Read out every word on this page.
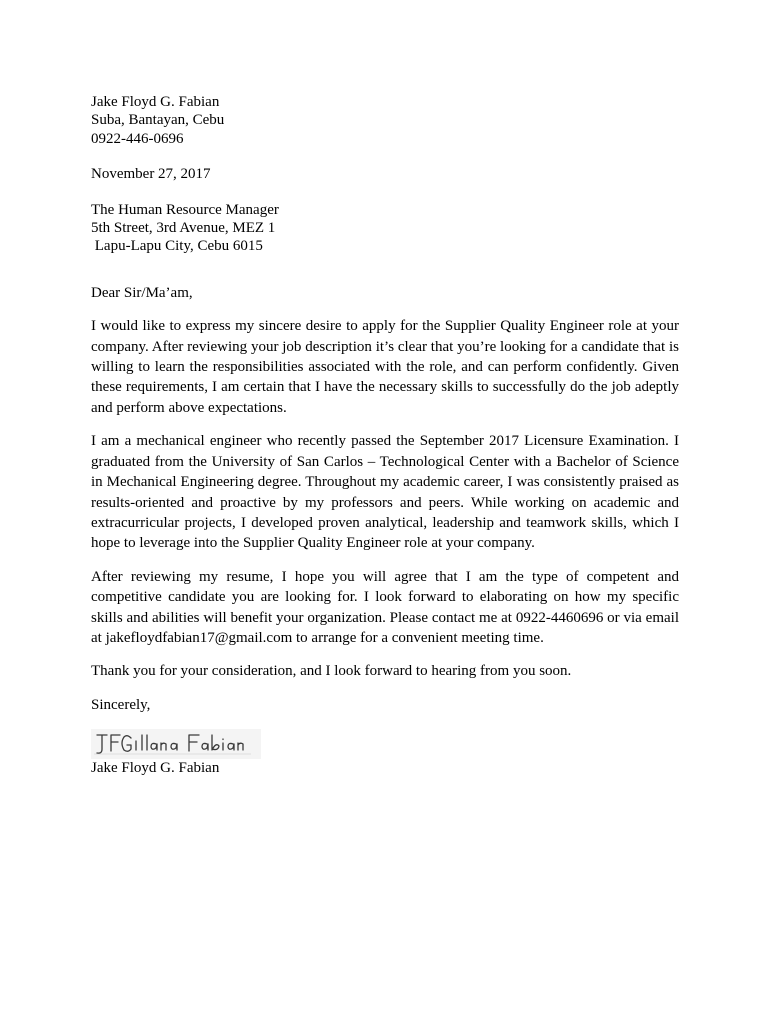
Jake Floyd G. Fabian
Suba, Bantayan, Cebu
0922-446-0696
November 27, 2017
The Human Resource Manager
5th Street, 3rd Avenue, MEZ 1
Lapu-Lapu City, Cebu 6015

Dear Sir/Ma’am,

I would like to express my sincere desire to apply for the Supplier Quality Engineer role at your company. After reviewing your job description it’s clear that you’re looking for a candidate that is willing to learn the responsibilities associated with the role, and can perform confidently. Given these requirements, I am certain that I have the necessary skills to successfully do the job adeptly and perform above expectations.

I am a mechanical engineer who recently passed the September 2017 Licensure Examination. I graduated from the University of San Carlos – Technological Center with a Bachelor of Science in Mechanical Engineering degree. Throughout my academic career, I was consistently praised as results-oriented and proactive by my professors and peers. While working on academic and extracurricular projects, I developed proven analytical, leadership and teamwork skills, which I hope to leverage into the Supplier Quality Engineer role at your company.

After reviewing my resume, I hope you will agree that I am the type of competent and competitive candidate you are looking for. I look forward to elaborating on how my specific skills and abilities will benefit your organization. Please contact me at 0922-4460696 or via email at jakefloydfabian17@gmail.com to arrange for a convenient meeting time.

Thank you for your consideration, and I look forward to hearing from you soon.

Sincerely,

Jake Floyd G. Fabian
